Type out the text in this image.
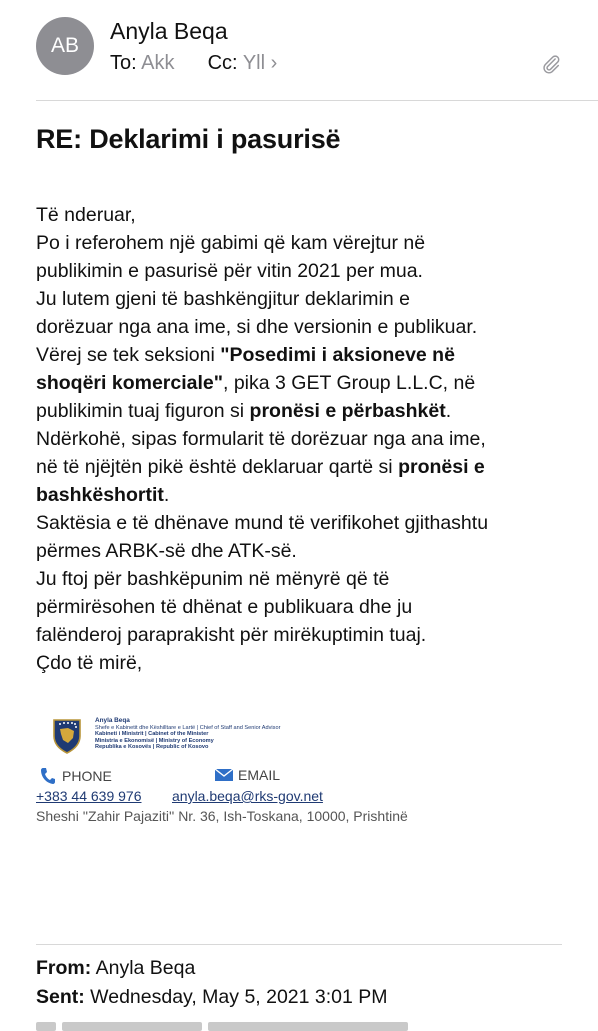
AB
Anyla Beqa
To: Akk Cc: Yll ›
RE: Deklarimi i pasurisë

Të nderuar,

Po i referohem një gabimi që kam vërejtur në

publikimin e pasurisë për vitin 2021 per mua.

Ju lutem gjeni të bashkëngjitur deklarimin e

dorëzuar nga ana ime, si dhe versionin e publikuar.

Vërej se tek seksioni "Posedimi i aksioneve në

shoqëri komerciale", pika 3 GET Group L.L.C, në

publikimin tuaj figuron si pronësi e përbashkët.

Ndërkohë, sipas formularit të dorëzuar nga ana ime,

në të njëjtën pikë është deklaruar qartë si pronësi e

bashkëshortit.

Saktësia e të dhënave mund të verifikohet gjithashtu

përmes ARBK-së dhe ATK-së.

Ju ftoj për bashkëpunim në mënyrë që të

përmirësohen të dhënat e publikuara dhe ju

falënderoj paraprakisht për mirëkuptimin tuaj.

Çdo të mirë,

Anyla Beqa
Shefe e Kabinetit dhe Këshilltare e Lartë | Chief of Staff and Senior Advisor
Kabineti i Ministrit | Cabinet of the Minister
Ministria e Ekonomisë | Ministry of Economy
Republika e Kosovës | Republic of Kosovo
PHONE	EMAIL
+383 44 639 976 anyla.beqa@rks-gov.net
Sheshi ''Zahir Pajaziti'' Nr. 36, Ish-Toskana, 10000, Prishtinë
From: Anyla Beqa
Sent: Wednesday, May 5, 2021 3:01 PM
